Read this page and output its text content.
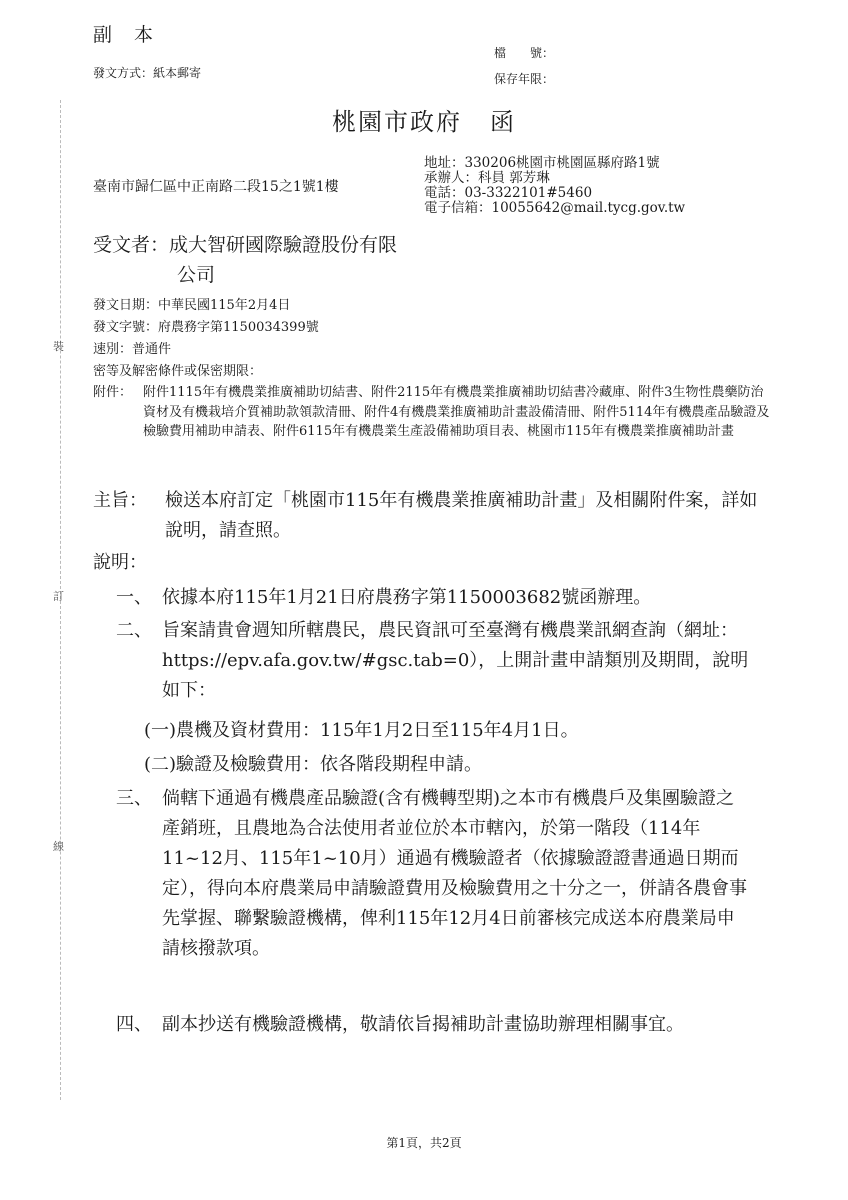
裝
訂
線
副本
發文方式：紙本郵寄
檔　　號：
保存年限：
桃園市政府 函
臺南市歸仁區中正南路二段15之1號1樓
地址：330206桃園市桃園區縣府路1號
承辦人：科員 郭芳琳
電話：03-3322101#5460
電子信箱：10055642@mail.tycg.gov.tw
受文者：成大智研國際驗證股份有限
公司
發文日期：中華民國115年2月4日
發文字號：府農務字第1150034399號
速別：普通件
密等及解密條件或保密期限：
附件： 附件1115年有機農業推廣補助切結書、附件2115年有機農業推廣補助切結書冷藏庫、附件3生物性農藥防治資材及有機栽培介質補助款領款清冊、附件4有機農業推廣補助計畫設備清冊、附件5114年有機農產品驗證及檢驗費用補助申請表、附件6115年有機農業生產設備補助項目表、桃園市115年有機農業推廣補助計畫
主旨： 檢送本府訂定「桃園市115年有機農業推廣補助計畫」及相關附件案，詳如說明，請查照。
說明：
一、 依據本府115年1月21日府農務字第1150003682號函辦理。
二、 旨案請貴會週知所轄農民，農民資訊可至臺灣有機農業訊網查詢（網址：https://epv.afa.gov.tw/#gsc.tab=0），上開計畫申請類別及期間，說明如下：
(一)農機及資材費用：115年1月2日至115年4月1日。
(二)驗證及檢驗費用：依各階段期程申請。
三、 倘轄下通過有機農產品驗證(含有機轉型期)之本市有機農戶及集團驗證之產銷班，且農地為合法使用者並位於本市轄內，於第一階段（114年11~12月、115年1~10月）通過有機驗證者（依據驗證證書通過日期而定），得向本府農業局申請驗證費用及檢驗費用之十分之一，併請各農會事先掌握、聯繫驗證機構，俾利115年12月4日前審核完成送本府農業局申請核撥款項。
四、 副本抄送有機驗證機構，敬請依旨揭補助計畫協助辦理相關事宜。
第1頁，共2頁
